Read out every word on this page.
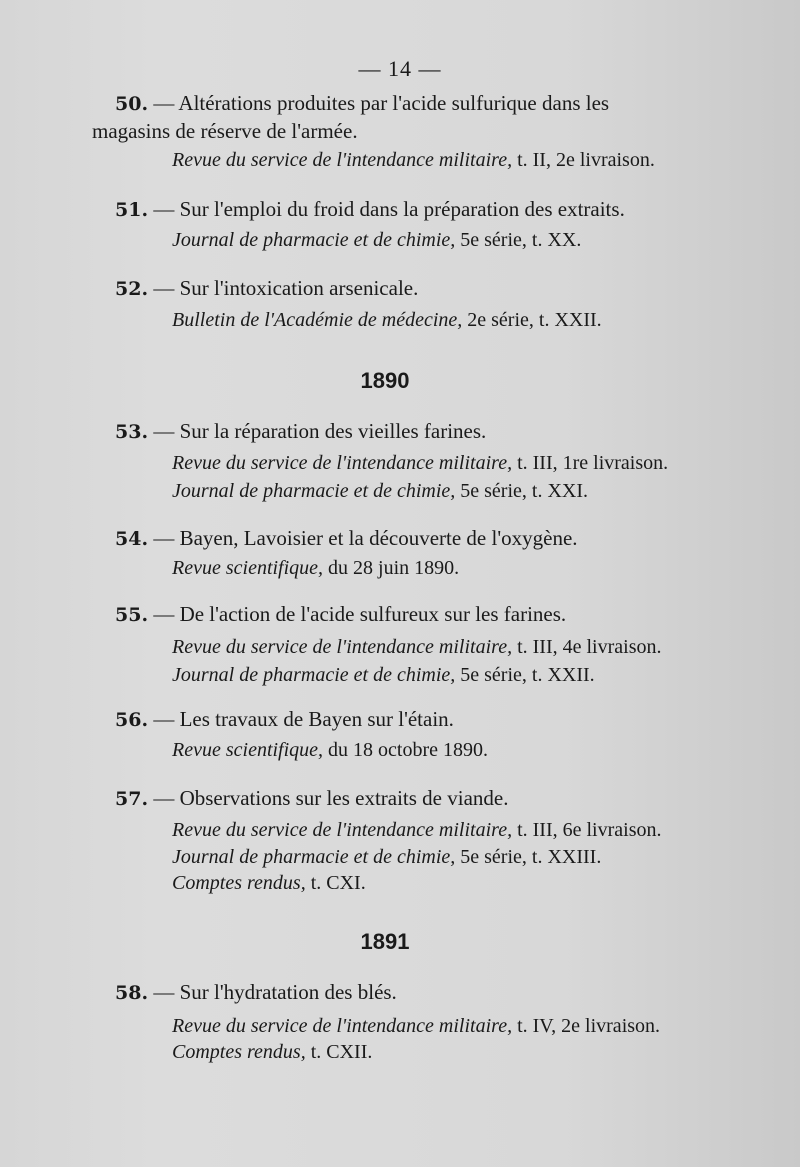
— 14 —
50. — Altérations produites par l'acide sulfurique dans les
magasins de réserve de l'armée.
Revue du service de l'intendance militaire, t. II, 2e livraison.
51. — Sur l'emploi du froid dans la préparation des extraits.
Journal de pharmacie et de chimie, 5e série, t. XX.
52. — Sur l'intoxication arsenicale.
Bulletin de l'Académie de médecine, 2e série, t. XXII.
1890
53. — Sur la réparation des vieilles farines.
Revue du service de l'intendance militaire, t. III, 1re livraison.
Journal de pharmacie et de chimie, 5e série, t. XXI.
54. — Bayen, Lavoisier et la découverte de l'oxygène.
Revue scientifique, du 28 juin 1890.
55. — De l'action de l'acide sulfureux sur les farines.
Revue du service de l'intendance militaire, t. III, 4e livraison.
Journal de pharmacie et de chimie, 5e série, t. XXII.
56. — Les travaux de Bayen sur l'étain.
Revue scientifique, du 18 octobre 1890.
57. — Observations sur les extraits de viande.
Revue du service de l'intendance militaire, t. III, 6e livraison.
Journal de pharmacie et de chimie, 5e série, t. XXIII.
Comptes rendus, t. CXI.
1891
58. — Sur l'hydratation des blés.
Revue du service de l'intendance militaire, t. IV, 2e livraison.
Comptes rendus, t. CXII.
